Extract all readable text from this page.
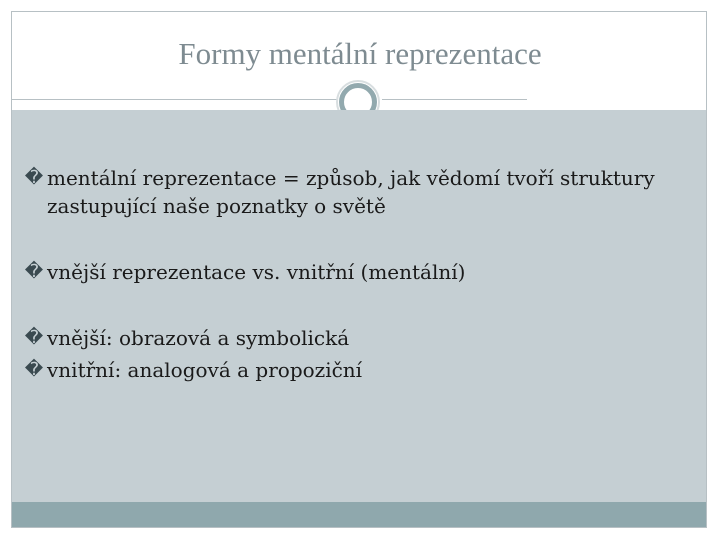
Formy mentální reprezentace
� mentální reprezentace = způsob, jak vědomí tvoří struktury zastupující naše poznatky o světě
� vnější reprezentace vs. vnitřní (mentální)
� vnější: obrazová a symbolická
� vnitřní: analogová a propoziční
